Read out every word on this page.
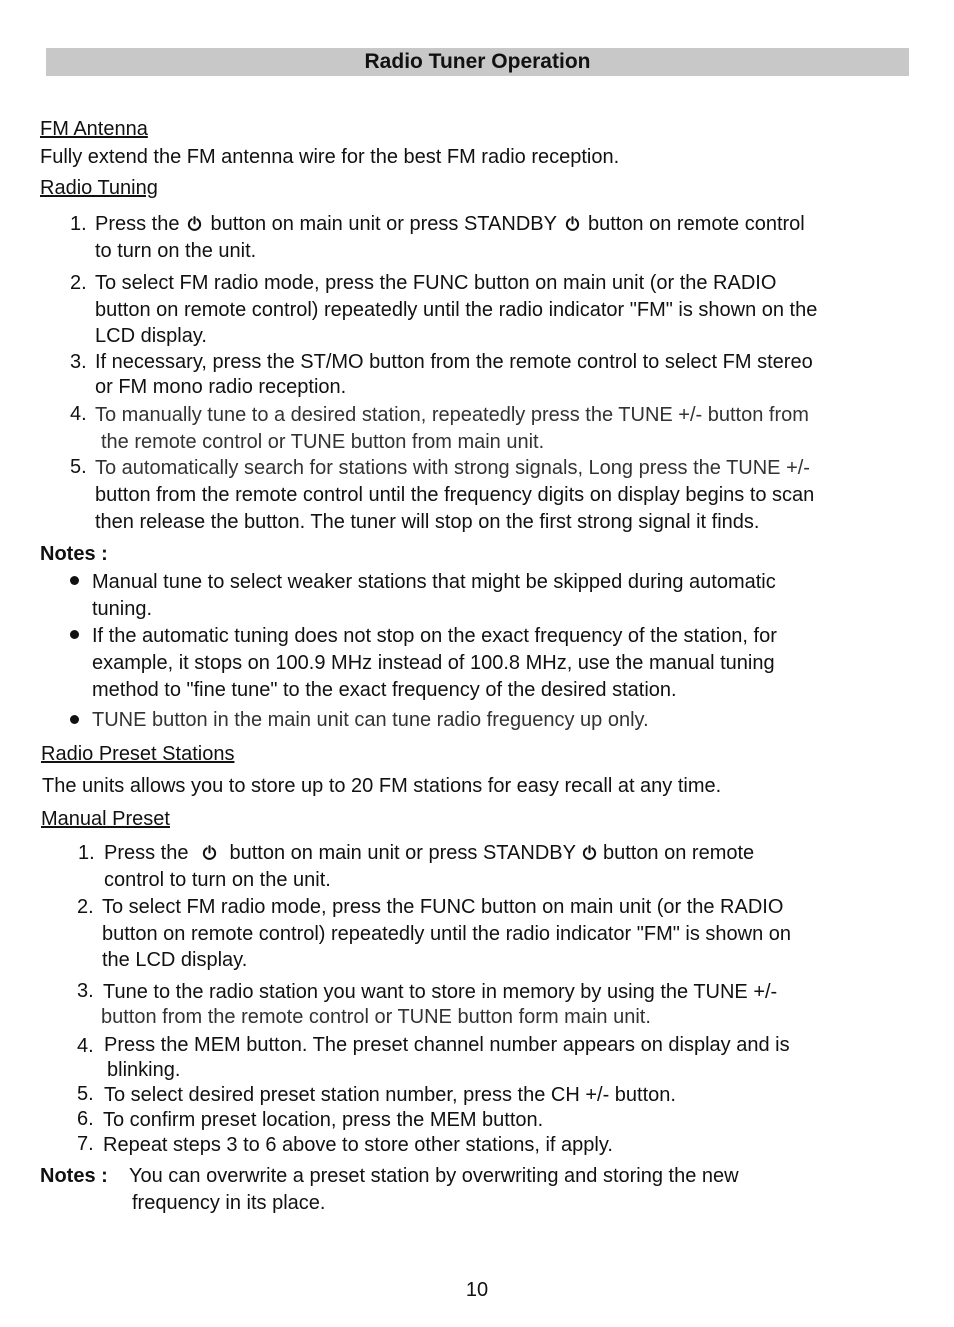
Radio Tuner Operation
FM Antenna
Fully extend the FM antenna wire for the best FM radio reception.
Radio Tuning
1. Press the button on main unit or press STANDBY button on remote control
to turn on the unit.
2. To select FM radio mode, press the FUNC button on main unit (or the RADIO
button on remote control) repeatedly until the radio indicator "FM" is shown on the
LCD display.
3. If necessary, press the ST/MO button from the remote control to select FM stereo
or FM mono radio reception.
4. To manually tune to a desired station, repeatedly press the TUNE +/- button from
the remote control or TUNE button from main unit.
5. To automatically search for stations with strong signals, Long press the TUNE +/-
button from the remote control until the frequency digits on display begins to scan
then release the button. The tuner will stop on the first strong signal it finds.
Notes :
Manual tune to select weaker stations that might be skipped during automatic
tuning.
If the automatic tuning does not stop on the exact frequency of the station, for
example, it stops on 100.9 MHz instead of 100.8 MHz, use the manual tuning
method to "fine tune" to the exact frequency of the desired station.
TUNE button in the main unit can tune radio freguency up only.
Radio Preset Stations
The units allows you to store up to 20 FM stations for easy recall at any time.
Manual Preset
1. Press the button on main unit or press STANDBY button on remote
control to turn on the unit.
2. To select FM radio mode, press the FUNC button on main unit (or the RADIO
button on remote control) repeatedly until the radio indicator "FM" is shown on
the LCD display.
3. Tune to the radio station you want to store in memory by using the TUNE +/-
button from the remote control or TUNE button form main unit.
4. Press the MEM button. The preset channel number appears on display and is
blinking.
5. To select desired preset station number, press the CH +/- button.
6. To confirm preset location, press the MEM button.
7. Repeat steps 3 to 6 above to store other stations, if apply.
Notes : You can overwrite a preset station by overwriting and storing the new
frequency in its place.
10
